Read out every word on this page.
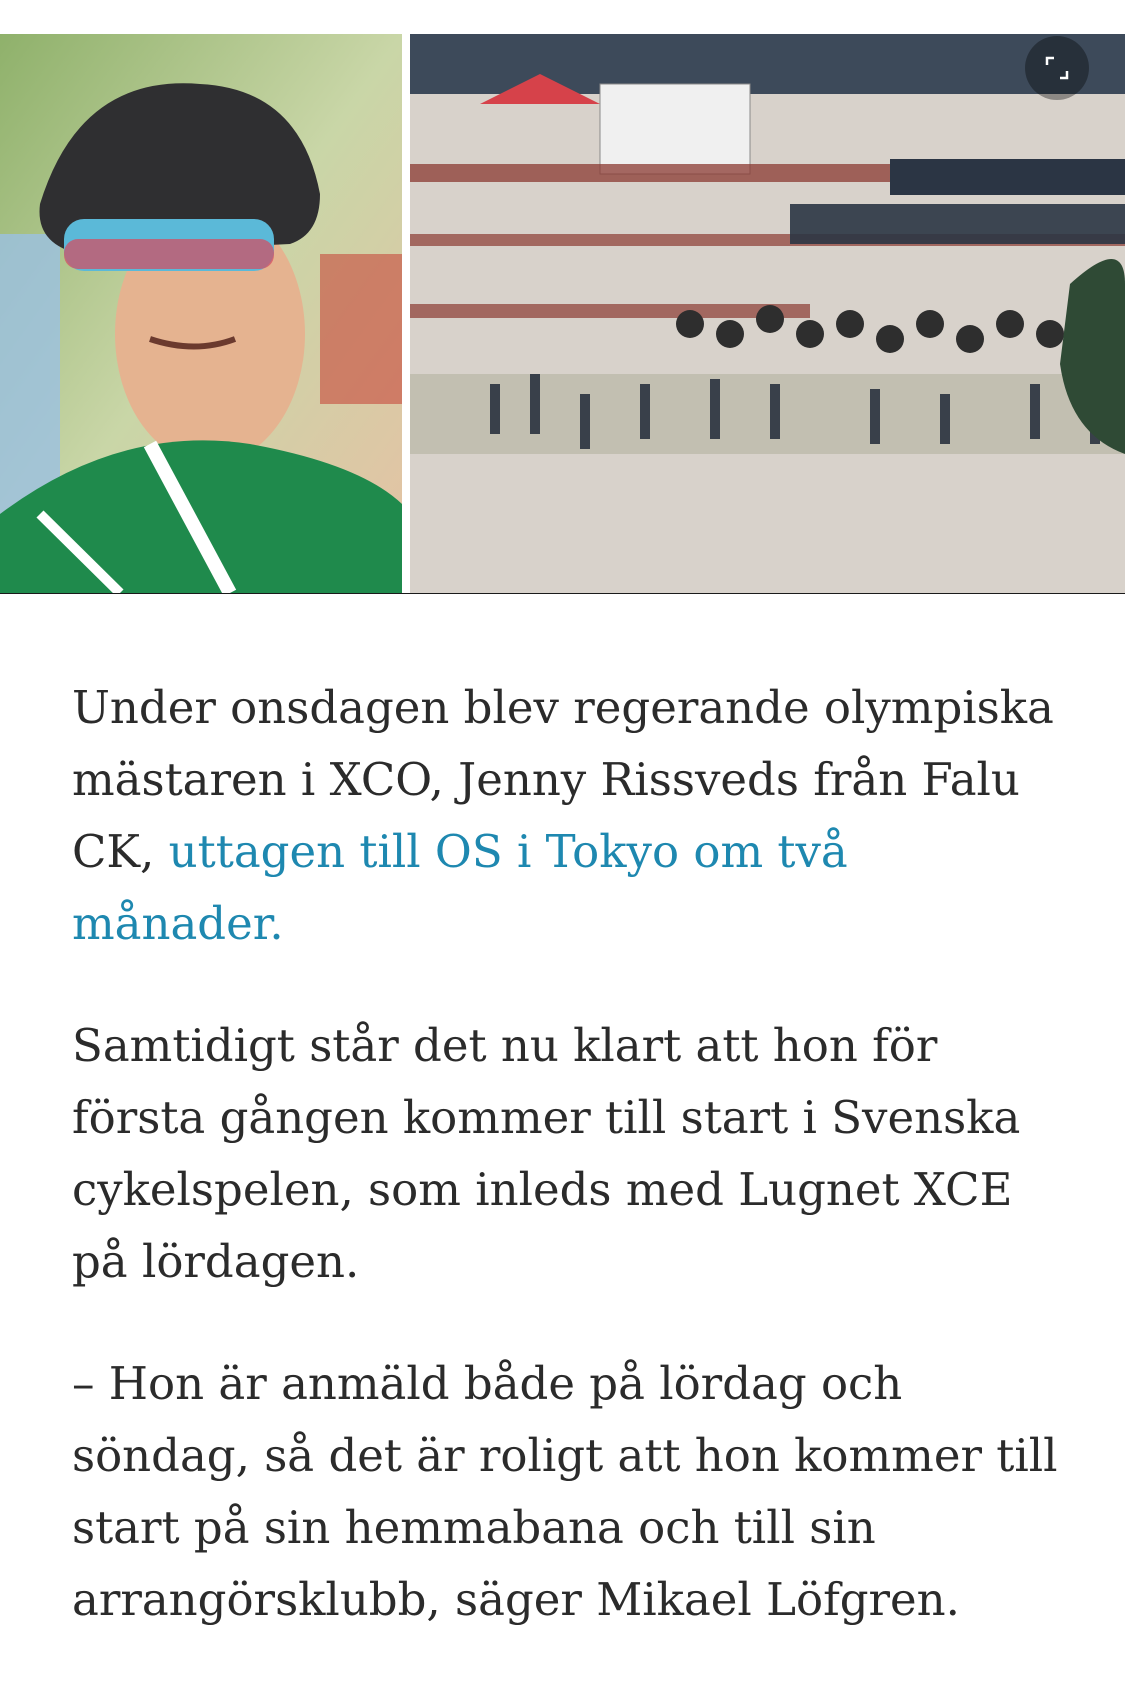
Under onsdagen blev regerande olympiska mästaren i XCO, Jenny Rissveds från Falu CK, uttagen till OS i Tokyo om två månader.

Samtidigt står det nu klart att hon för första gången kommer till start i Svenska cykelspelen, som inleds med Lugnet XCE på lördagen.

– Hon är anmäld både på lördag och söndag, så det är roligt att hon kommer till start på sin hemmabana och till sin arrangörsklubb, säger Mikael Löfgren.
